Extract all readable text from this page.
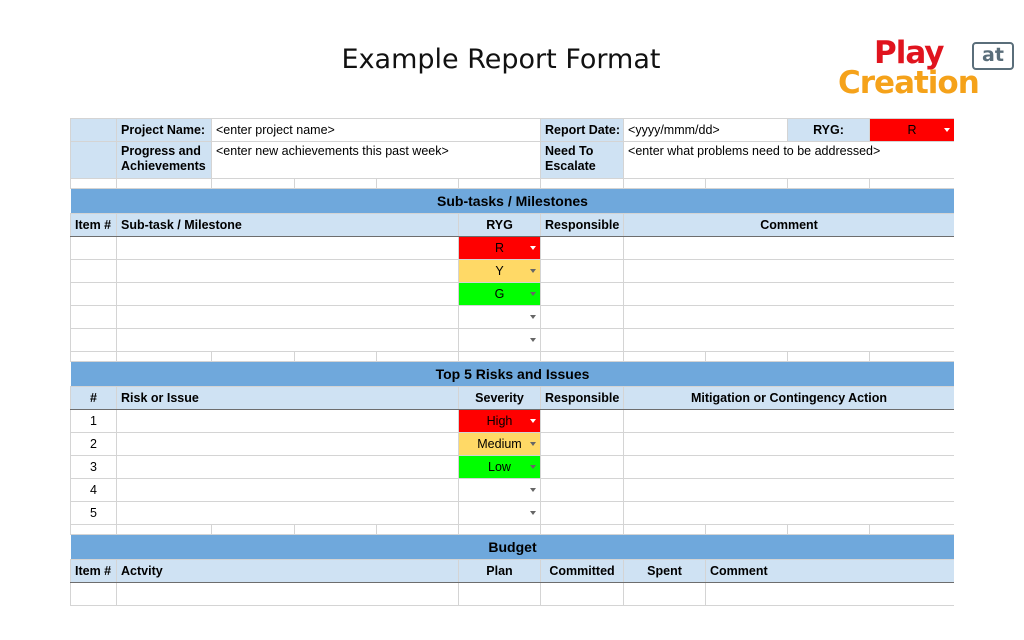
Example Report Format	Play	at
Creation
	Project Name:	<enter project name>				Report Date:	<yyyy/mmm/dd>		RYG:	R

	Progress and Achievements	<enter new achievements this past week>				Need To Escalate	<enter what problems need to be addressed>			

Sub-tasks / Milestones										
Item #	Sub-task / Milestone				RYG	Responsible	Comment			
					R			

					Y			

					G			

Top 5 Risks and Issues										
#	Risk or Issue				Severity	Responsible	Mitigation or Contingency Action			
1					High			

2					Medium			

3					Low			

4								

5								

Budget										
Item #	Actvity				Plan	Committed	Spent	Comment		
